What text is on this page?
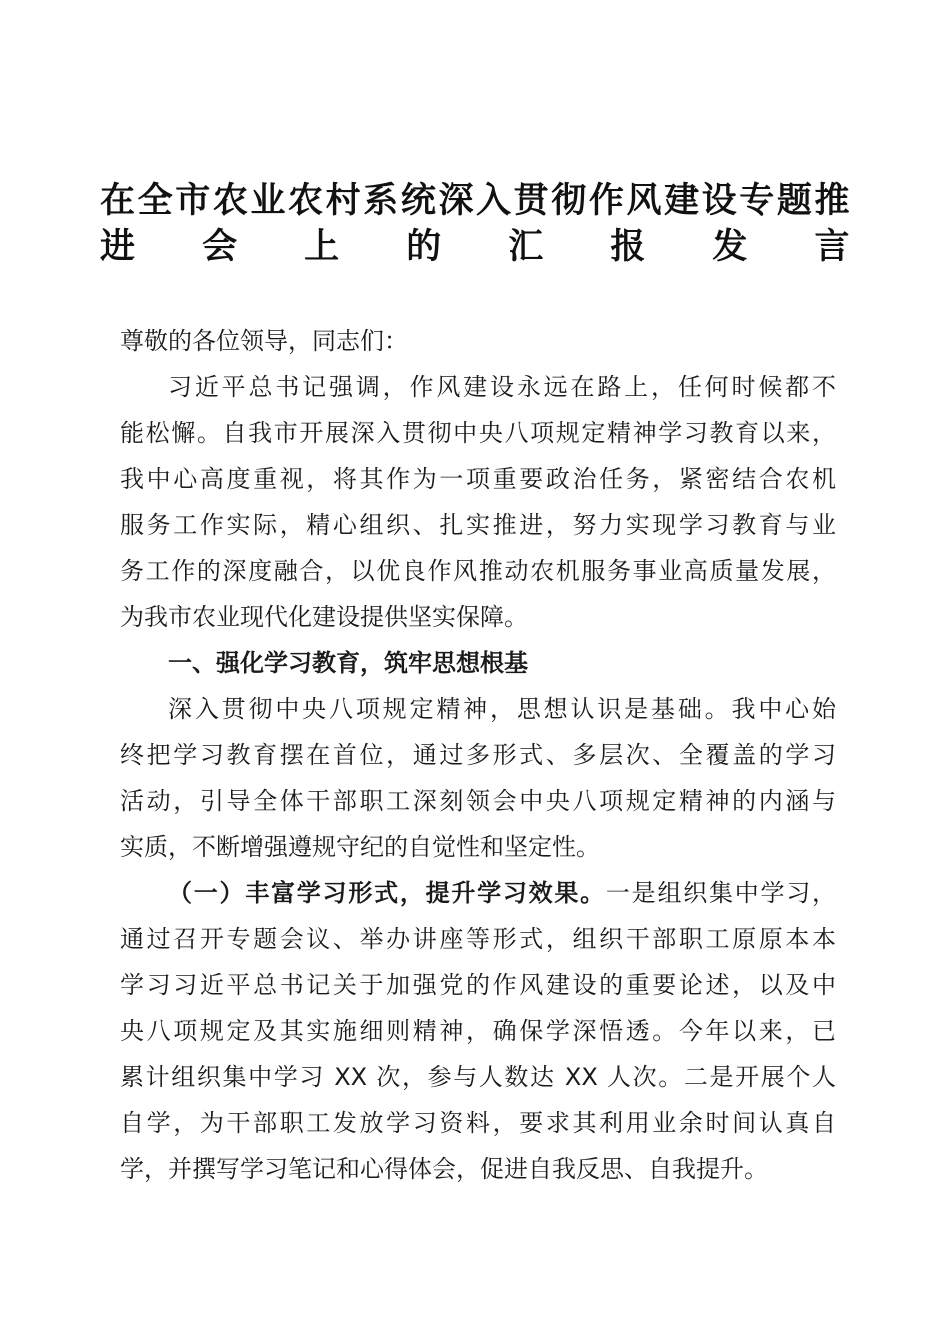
在全市农业农村系统深入贯彻作风建设专题推
进会上的汇报发言
尊敬的各位领导，同志们：
习近平总书记强调，作风建设永远在路上，任何时候都不
能松懈。自我市开展深入贯彻中央八项规定精神学习教育以来，
我中心高度重视，将其作为一项重要政治任务，紧密结合农机
服务工作实际，精心组织、扎实推进，努力实现学习教育与业
务工作的深度融合，以优良作风推动农机服务事业高质量发展，
为我市农业现代化建设提供坚实保障。
一、强化学习教育，筑牢思想根基
深入贯彻中央八项规定精神，思想认识是基础。我中心始
终把学习教育摆在首位，通过多形式、多层次、全覆盖的学习
活动，引导全体干部职工深刻领会中央八项规定精神的内涵与
实质，不断增强遵规守纪的自觉性和坚定性。
（一）丰富学习形式，提升学习效果。一是组织集中学习，
通过召开专题会议、举办讲座等形式，组织干部职工原原本本
学习习近平总书记关于加强党的作风建设的重要论述，以及中
央八项规定及其实施细则精神，确保学深悟透。今年以来，已
累计组织集中学习 XX 次，参与人数达 XX 人次。二是开展个人
自学，为干部职工发放学习资料，要求其利用业余时间认真自
学，并撰写学习笔记和心得体会，促进自我反思、自我提升。
